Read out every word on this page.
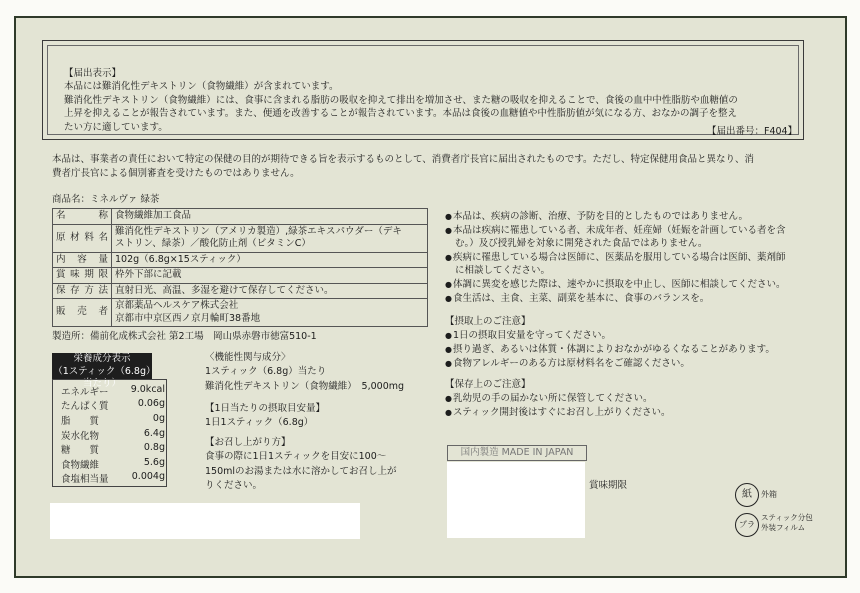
【届出表示】
本品には難消化性デキストリン（食物繊維）が含まれています。
難消化性デキストリン（食物繊維）には、食事に含まれる脂肪の吸収を抑えて排出を増加させ、また糖の吸収を抑えることで、食後の血中中性脂肪や血糖値の
上昇を抑えることが報告されています。また、便通を改善することが報告されています。本品は食後の血糖値や中性脂肪値が気になる方、おなかの調子を整え
たい方に適しています。	【届出番号：F404】
本品は、事業者の責任において特定の保健の目的が期待できる旨を表示するものとして、消費者庁長官に届出されたものです。ただし、特定保健用食品と異なり、消
費者庁長官による個別審査を受けたものではありません。
商品名：ミネルヴァ 緑茶
名　称	食物繊維加工食品
原材料名	難消化性デキストリン（アメリカ製造）,緑茶エキスパウダー（デキ
ストリン、緑茶）／酸化防止剤（ビタミンC）

内容量	102g（6.8g×15スティック）
賞味期限	枠外下部に記載
保存方法	直射日光、高温、多湿を避けて保存してください。
販売者	京都薬品ヘルスケア株式会社
京都市中京区西ノ京月輪町38番地
製造所：備前化成株式会社 第2工場　岡山県赤磐市徳富510-1
栄養成分表示
（1スティック（6.8g）当たり）
エネルギー 9.0kcal
たんぱく質	0.06g
脂　　質	0g
炭水化物	6.4g
糖　　質	0.8g
食物繊維	5.6g
食塩相当量 0.004g
〈機能性関与成分〉
1スティック（6.8g）当たり
難消化性デキストリン（食物繊維）　5,000mg
【1日当たりの摂取目安量】
1日1スティック（6.8g）
【お召し上がり方】
食事の際に1日1スティックを目安に100～
150mlのお湯または水に溶かしてお召し上が
りください。
● 本品は、疾病の診断、治療、予防を目的としたものではありません。
● 本品は疾病に罹患している者、未成年者、妊産婦（妊娠を計画している者を含
む。）及び授乳婦を対象に開発された食品ではありません。
● 疾病に罹患している場合は医師に、医薬品を服用している場合は医師、薬剤師
に相談してください。
● 体調に異変を感じた際は、速やかに摂取を中止し、医師に相談してください。
● 食生活は、主食、主菜、副菜を基本に、食事のバランスを。
【摂取上のご注意】
● 1日の摂取目安量を守ってください。
● 摂り過ぎ、あるいは体質・体調によりおなかがゆるくなることがあります。
● 食物アレルギーのある方は原材料名をご確認ください。
【保存上のご注意】
● 乳幼児の手の届かない所に保管してください。
● スティック開封後はすぐにお召し上がりください。
国内製造 MADE IN JAPAN
賞味期限
紙	外箱
プラ
スティック分包
外装フィルム
